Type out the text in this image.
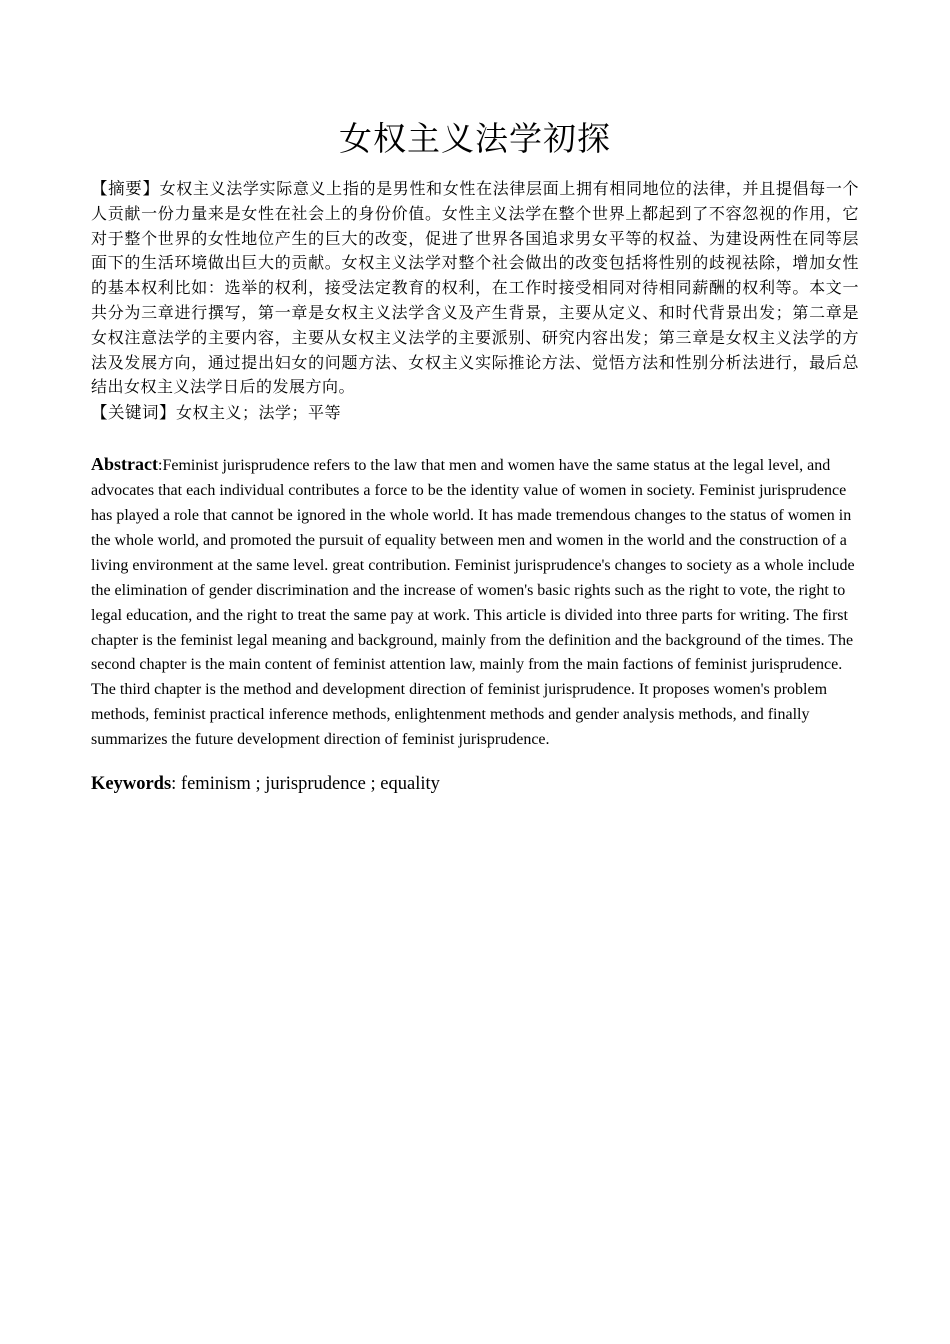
女权主义法学初探
【摘要】女权主义法学实际意义上指的是男性和女性在法律层面上拥有相同地位的法律，并且提倡每一个人贡献一份力量来是女性在社会上的身份价值。女性主义法学在整个世界上都起到了不容忽视的作用，它对于整个世界的女性地位产生的巨大的改变，促进了世界各国追求男女平等的权益、为建设两性在同等层面下的生活环境做出巨大的贡献。女权主义法学对整个社会做出的改变包括将性别的歧视祛除，增加女性的基本权利比如：选举的权利，接受法定教育的权利，在工作时接受相同对待相同薪酬的权利等。本文一共分为三章进行撰写，第一章是女权主义法学含义及产生背景，主要从定义、和时代背景出发；第二章是女权注意法学的主要内容，主要从女权主义法学的主要派别、研究内容出发；第三章是女权主义法学的方法及发展方向，通过提出妇女的问题方法、女权主义实际推论方法、觉悟方法和性别分析法进行，最后总结出女权主义法学日后的发展方向。
【关键词】女权主义；法学；平等
Abstract:Feminist jurisprudence refers to the law that men and women have the same status at the legal level, and advocates that each individual contributes a force to be the identity value of women in society. Feminist jurisprudence has played a role that cannot be ignored in the whole world. It has made tremendous changes to the status of women in the whole world, and promoted the pursuit of equality between men and women in the world and the construction of a living environment at the same level. great contribution. Feminist jurisprudence's changes to society as a whole include the elimination of gender discrimination and the increase of women's basic rights such as the right to vote, the right to legal education, and the right to treat the same pay at work. This article is divided into three parts for writing. The first chapter is the feminist legal meaning and background, mainly from the definition and the background of the times. The second chapter is the main content of feminist attention law, mainly from the main factions of feminist jurisprudence. The third chapter is the method and development direction of feminist jurisprudence. It proposes women's problem methods, feminist practical inference methods, enlightenment methods and gender analysis methods, and finally summarizes the future development direction of feminist jurisprudence.
Keywords: feminism ; jurisprudence ; equality
